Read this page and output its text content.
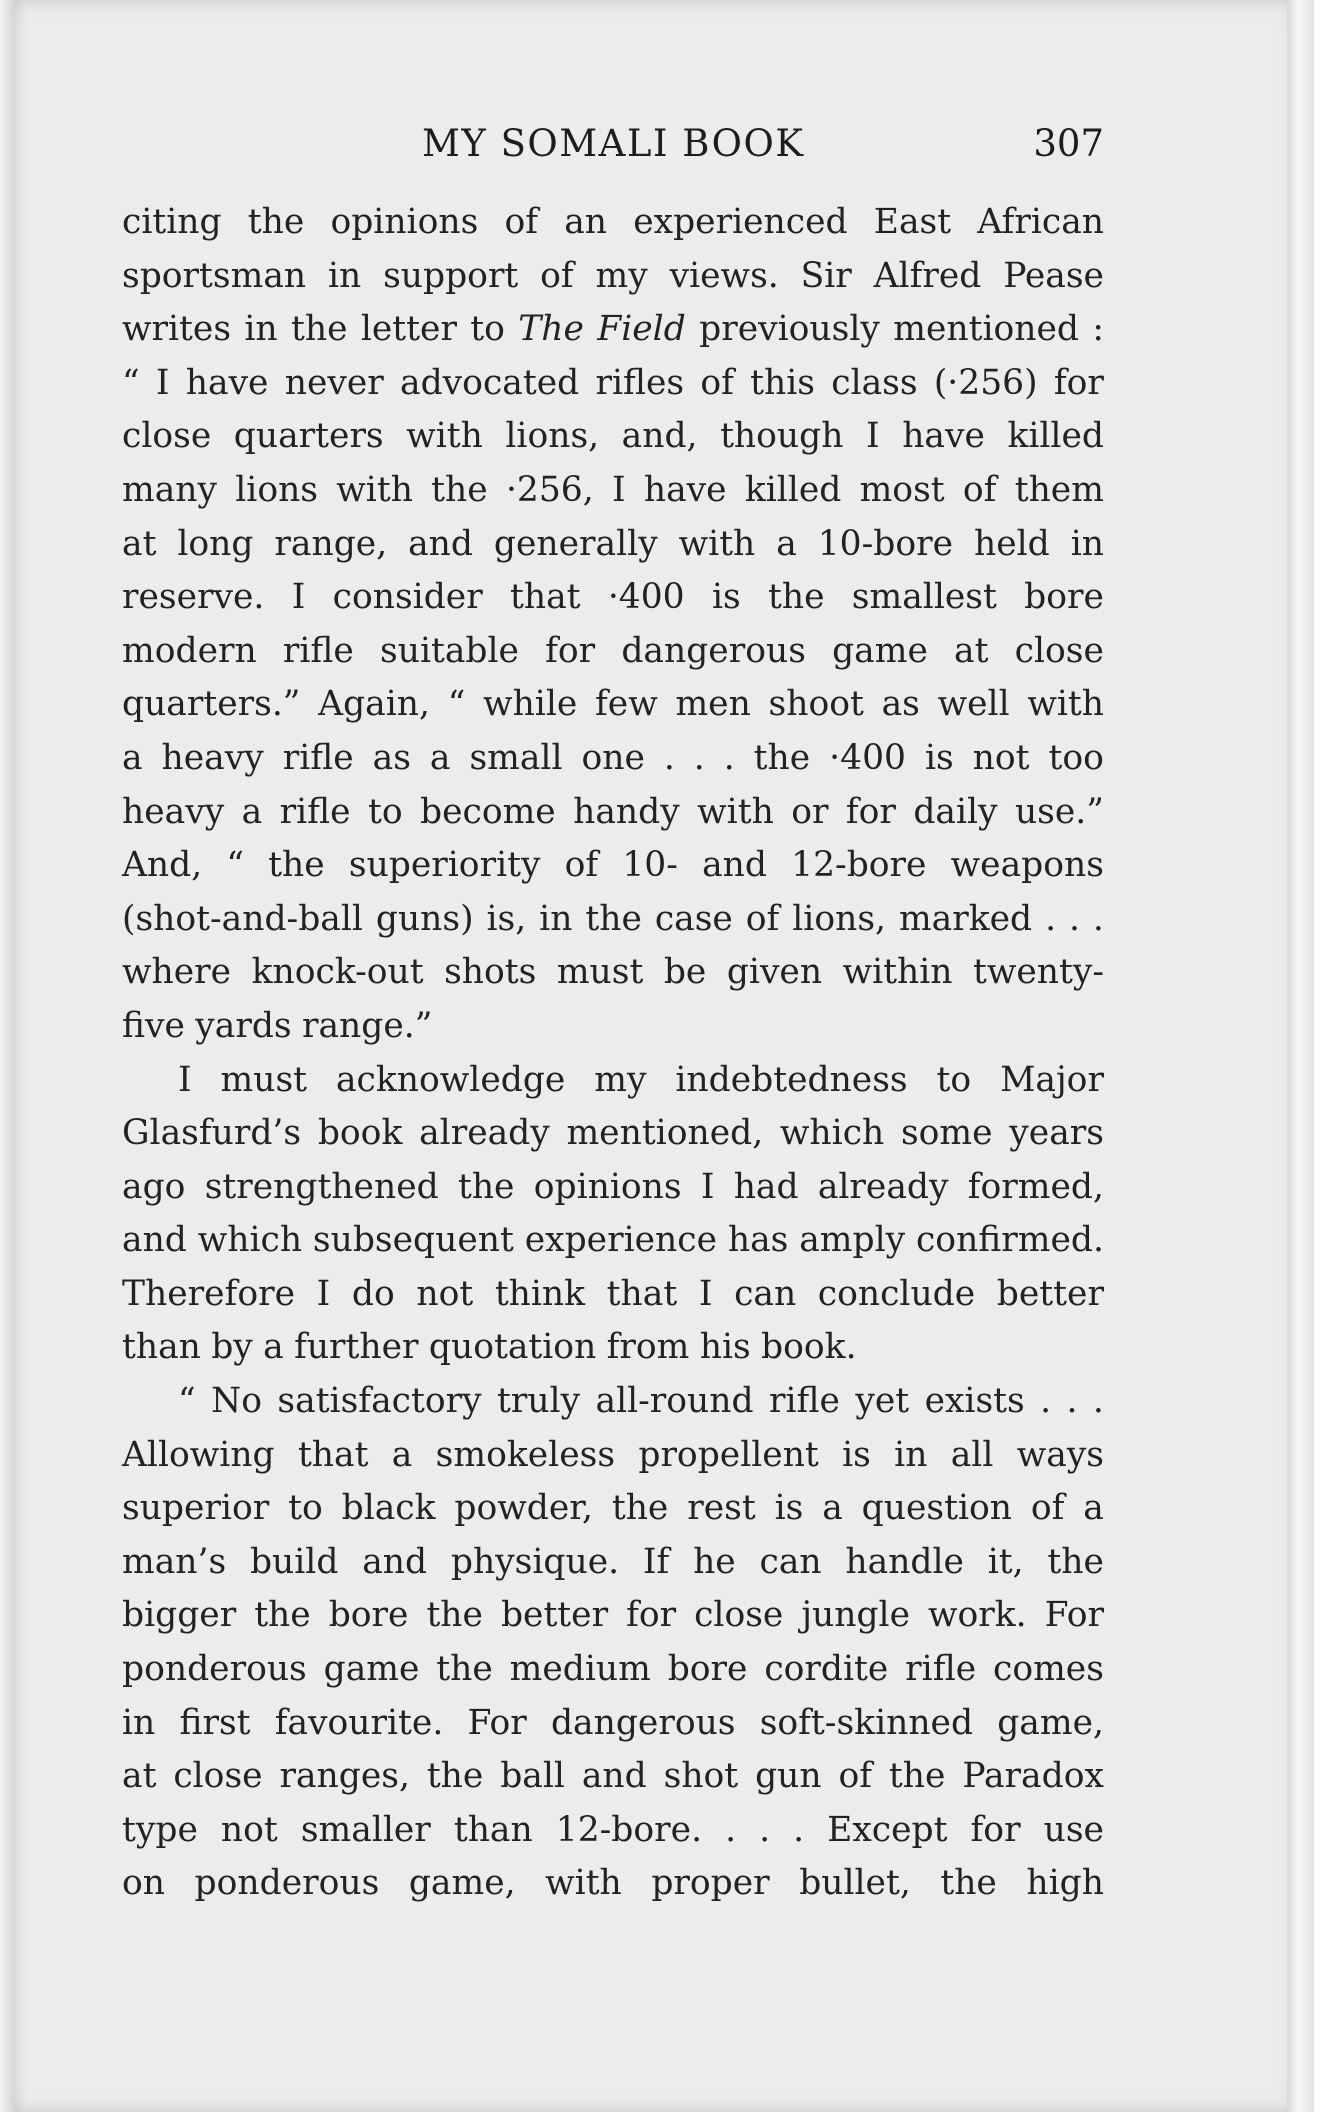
MY SOMALI BOOK	307
citing the opinions of an experienced East African
sportsman in support of my views. Sir Alfred Pease
writes in the letter to The Field previously mentioned :
“ I have never advocated rifles of this class (·256) for
close quarters with lions, and, though I have killed
many lions with the ·256, I have killed most of them
at long range, and generally with a 10-bore held in
reserve. I consider that ·400 is the smallest bore
modern rifle suitable for dangerous game at close
quarters.” Again, “ while few men shoot as well with
a heavy rifle as a small one . . . the ·400 is not too
heavy a rifle to become handy with or for daily use.”
And, “ the superiority of 10- and 12-bore weapons
(shot-and-ball guns) is, in the case of lions, marked . . .
where knock-out shots must be given within twenty-
five yards range.”
I must acknowledge my indebtedness to Major
Glasfurd’s book already mentioned, which some years
ago strengthened the opinions I had already formed,
and which subsequent experience has amply confirmed.
Therefore I do not think that I can conclude better
than by a further quotation from his book.
“ No satisfactory truly all-round rifle yet exists . . .
Allowing that a smokeless propellent is in all ways
superior to black powder, the rest is a question of a
man’s build and physique. If he can handle it, the
bigger the bore the better for close jungle work. For
ponderous game the medium bore cordite rifle comes
in first favourite. For dangerous soft-skinned game,
at close ranges, the ball and shot gun of the Paradox
type not smaller than 12-bore. . . . Except for use
on ponderous game, with proper bullet, the high
